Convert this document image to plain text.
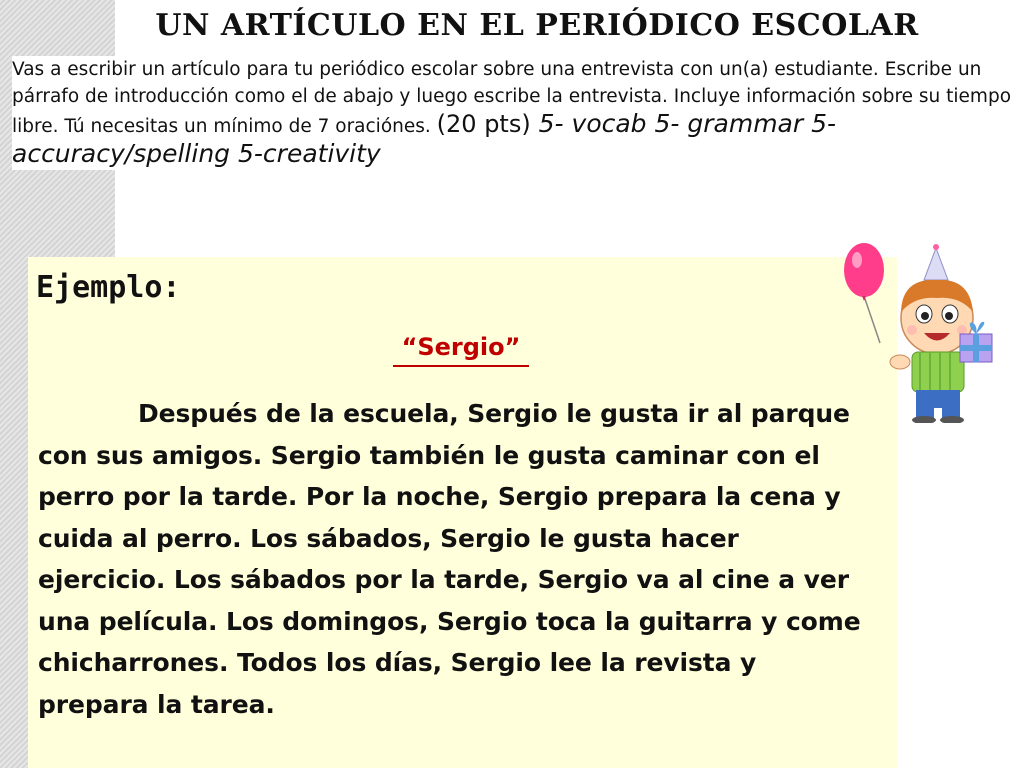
UN ARTÍCULO EN EL PERIÓDICO ESCOLAR
Vas a escribir un artículo para tu periódico escolar sobre una entrevista con un(a) estudiante. Escribe un párrafo de introducción como el de abajo y luego escribe la entrevista. Incluye información sobre su tiempo libre. Tú necesitas un mínimo de 7 oraciónes. (20 pts) 5- vocab 5- grammar 5- accuracy/spelling 5-creativity
Ejemplo:
“Sergio”
Después de la escuela, Sergio le gusta ir al parque con sus amigos. Sergio también le gusta caminar con el perro por la tarde. Por la noche, Sergio prepara la cena y cuida al perro. Los sábados, Sergio le gusta hacer ejercicio. Los sábados por la tarde, Sergio va al cine a ver una película. Los domingos, Sergio toca la guitarra y come chicharrones. Todos los días, Sergio lee la revista y prepara la tarea.
